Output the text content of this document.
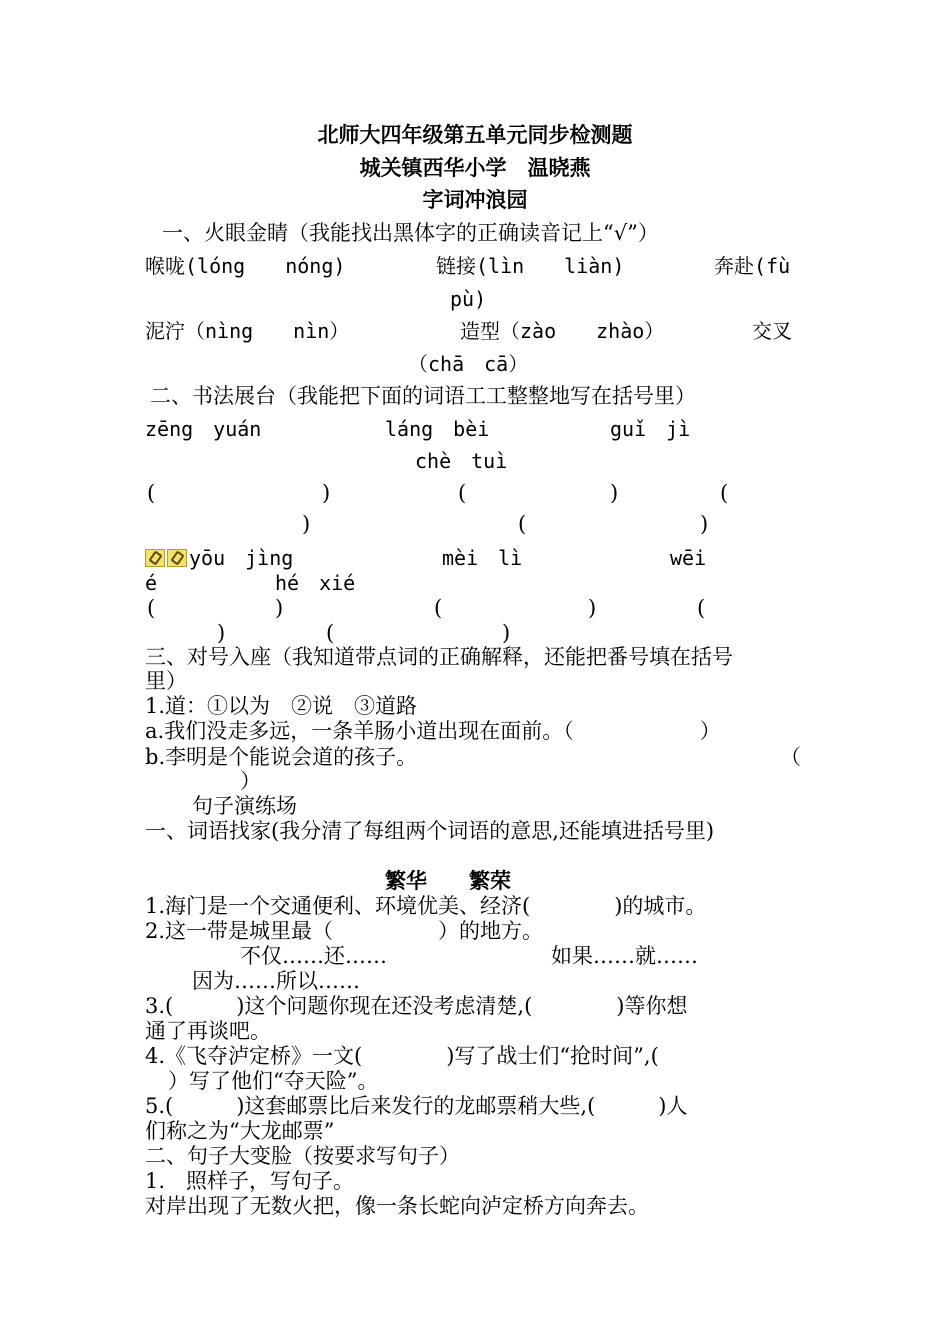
北师大四年级第五单元同步检测题
城关镇西华小学　温晓燕
字词冲浪园
一、火眼金睛（我能找出黑体字的正确读音记上“√”）
喉咙(lóng　　nóng)	链接(lìn　　liàn)	奔赴(fù
pù)
泥泞（nìng　　nìn）	造型（zào　　zhào）	交叉
（chā　cā）
二、书法展台（我能把下面的词语工工整整地写在括号里）
zēng　yuán	láng　bèi	guǐ　jì
chè　tuì
(	)	(	)	(
)	(	)
yōu　jìng	mèi　lì	wēi
é	hé　xié
(	)	(	)	(
)	(	)
三、对号入座（我知道带点词的正确解释，还能把番号填在括号
里）
1.道：①以为　②说　③道路
a.我们没走多远，一条羊肠小道出现在面前。（　　　　　　）
b.李明是个能说会道的孩子。	（
）
句子演练场
一、词语找家(我分清了每组两个词语的意思,还能填进括号里)
繁华　　繁荣
1.海门是一个交通便利、环境优美、经济(　　　　)的城市。
2.这一带是城里最（　　　　　）的地方。
不仅……还……	如果……就……
因为……所以……
3.(　　　)这个问题你现在还没考虑清楚,(　　　　)等你想
通了再谈吧。
4.《飞夺泸定桥》一文(　　　　)写了战士们“抢时间”,(
）写了他们“夺天险”。
5.(　　　)这套邮票比后来发行的龙邮票稍大些,(　　　)人
们称之为“大龙邮票”
二、句子大变脸（按要求写句子）
1.　照样子，写句子。
对岸出现了无数火把，像一条长蛇向泸定桥方向奔去。
